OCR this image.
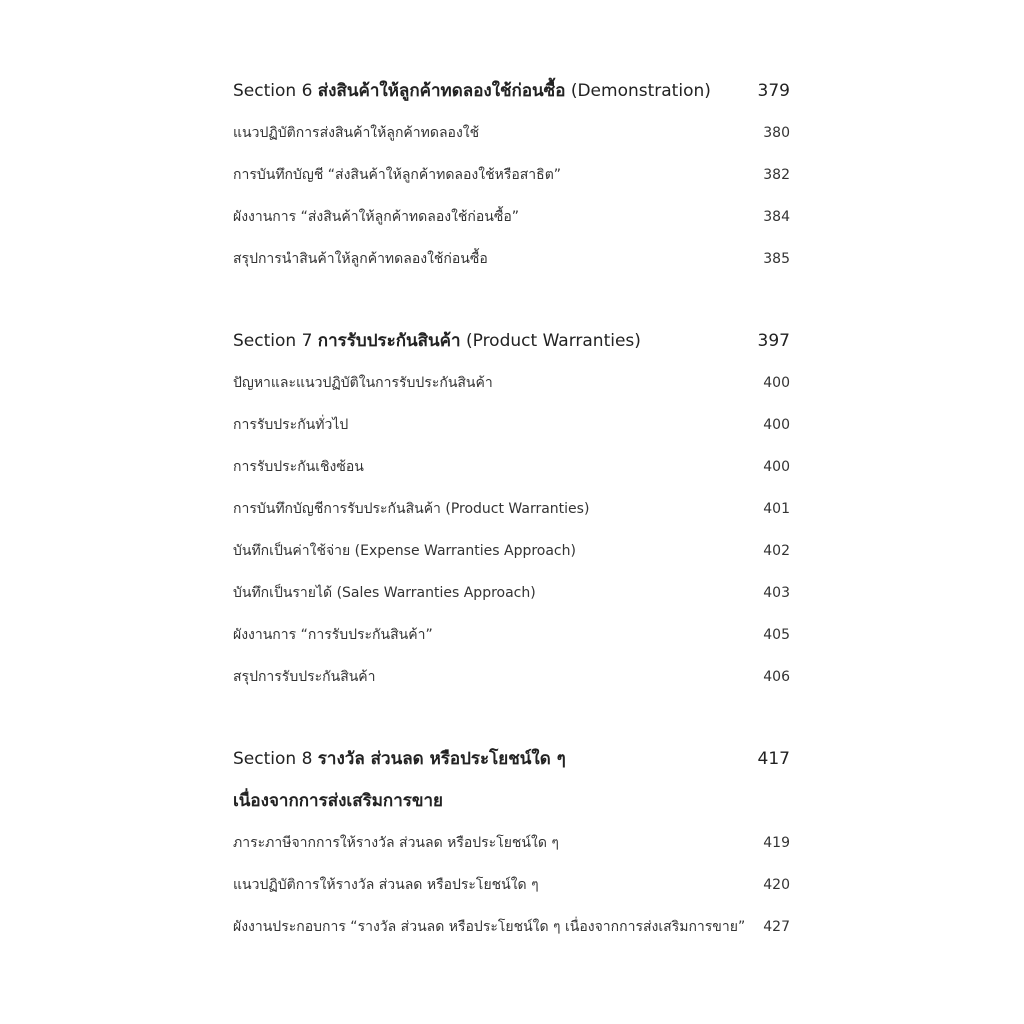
Section 6 ส่งสินค้าให้ลูกค้าทดลองใช้ก่อนซื้อ (Demonstration)	379
แนวปฏิบัติการส่งสินค้าให้ลูกค้าทดลองใช้	380
การบันทึกบัญชี “ส่งสินค้าให้ลูกค้าทดลองใช้หรือสาธิต”	382
ผังงานการ “ส่งสินค้าให้ลูกค้าทดลองใช้ก่อนซื้อ”	384
สรุปการนำสินค้าให้ลูกค้าทดลองใช้ก่อนซื้อ	385
Section 7 การรับประกันสินค้า (Product Warranties)	397
ปัญหาและแนวปฏิบัติในการรับประกันสินค้า	400
การรับประกันทั่วไป	400
การรับประกันเชิงซ้อน	400
การบันทึกบัญชีการรับประกันสินค้า (Product Warranties)	401
บันทึกเป็นค่าใช้จ่าย (Expense Warranties Approach)	402
บันทึกเป็นรายได้ (Sales Warranties Approach)	403
ผังงานการ “การรับประกันสินค้า”	405
สรุปการรับประกันสินค้า	406
Section 8 รางวัล ส่วนลด หรือประโยชน์ใด ๆ	417
เนื่องจากการส่งเสริมการขาย
ภาระภาษีจากการให้รางวัล ส่วนลด หรือประโยชน์ใด ๆ	419
แนวปฏิบัติการให้รางวัล ส่วนลด หรือประโยชน์ใด ๆ	420
ผังงานประกอบการ “รางวัล ส่วนลด หรือประโยชน์ใด ๆ เนื่องจากการส่งเสริมการขาย” 427
